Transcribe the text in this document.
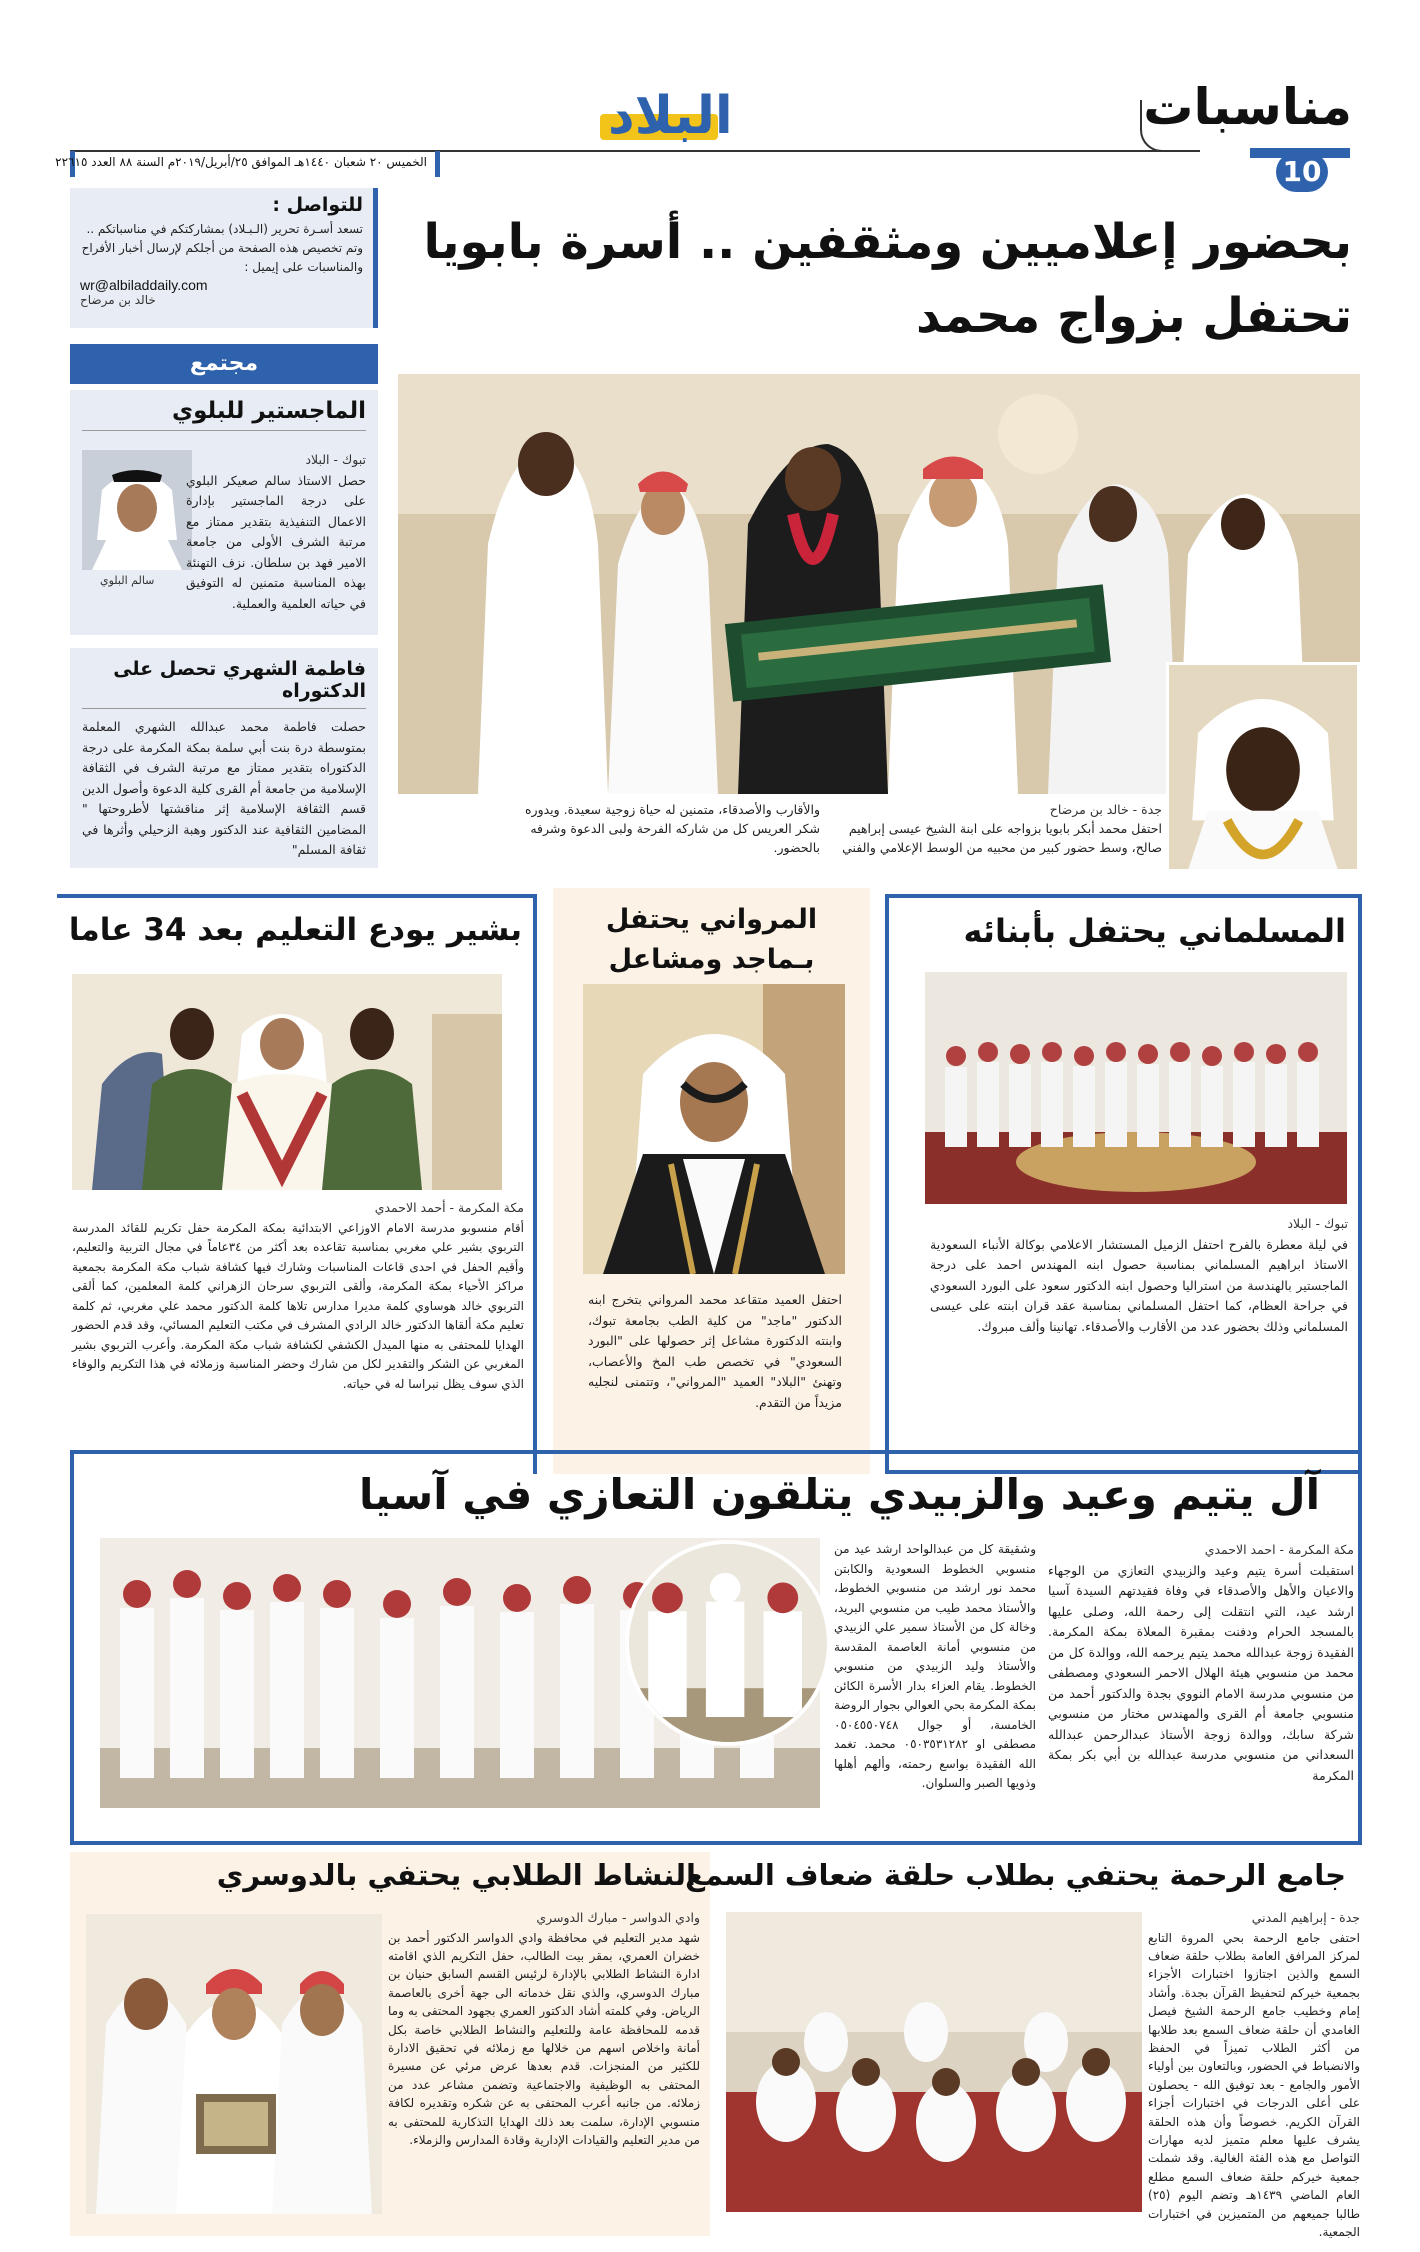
مناسبات
10
البلاد
الخميس ٢٠ شعبان ١٤٤٠هـ الموافق ٢٥/أبريل/٢٠١٩م السنة ٨٨ العدد ٢٢٦١٥
للتواصل :
تسعد أسـرة تحرير (الـبـلاد) بمشاركتكم في مناسباتكم .. وتم تخصيص هذه الصفحة من أجلكم لإرسال أخبار الأفراح والمناسبات على إيميل :
wr@albiladdaily.com
خالد بن مرضاح
مجتمع
الماجستير للبلوي
سالم البلوي
تبوك - البلاد
حصل الاستاذ سالم صعيكر البلوي على درجة الماجستير بإدارة الاعمال التنفيذية بتقدير ممتاز مع مرتبة الشرف الأولى من جامعة الامير فهد بن سلطان. نزف التهنئة بهذه المناسبة متمنين له التوفيق في حياته العلمية والعملية.
فاطمة الشهري تحصل على الدكتوراه
حصلت فاطمة محمد عبدالله الشهري المعلمة بمتوسطة درة بنت أبي سلمة بمكة المكرمة على درجة الدكتوراه بتقدير ممتاز مع مرتبة الشرف في الثقافة الإسلامية من جامعة أم القرى كلية الدعوة وأصول الدين قسم الثقافة الإسلامية إثر مناقشتها لأطروحتها " المضامين الثقافية عند الدكتور وهبة الزحيلي وأثرها في ثقافة المسلم"
بحضور إعلاميين ومثقفين .. أسرة بابويا
تحتفل بزواج محمد
جدة - خالد بن مرضاح
احتفل محمد أبكر بابويا بزواجه على ابنة الشيخ عيسى إبراهيم صالح، وسط حضور كبير من محبيه من الوسط الإعلامي والفني
والأقارب والأصدقاء، متمنين له حياة زوجية سعيدة. ويدوره شكر العريس كل من شاركه الفرحة ولبى الدعوة وشرفه بالحضور.
المسلماني يحتفل بأبنائه
تبوك - البلاد
في ليلة معطرة بالفرح احتفل الزميل المستشار الاعلامي بوكالة الأنباء السعودية الاستاذ ابراهيم المسلماني بمناسبة حصول ابنه المهندس احمد على درجة الماجستير بالهندسة من استراليا وحصول ابنه الدكتور سعود على البورد السعودي في جراحة العظام، كما احتفل المسلماني بمناسبة عقد قران ابنته على عيسى المسلماني وذلك بحضور عدد من الأقارب والأصدقاء. تهانينا وألف مبروك.
المرواني يحتفل
بـماجد ومشاعل
احتفل العميد متقاعد محمد المرواني بتخرج ابنه الدكتور "ماجد" من كلية الطب بجامعة تبوك، وابنته الدكتورة مشاعل إثر حصولها على "البورد السعودي" في تخصص طب المخ والأعصاب، وتهنئ "البلاد" العميد "المرواني"، وتتمنى لنجليه مزيداً من التقدم.
بشير يودع التعليم بعد 34 عاما
مكة المكرمة - أحمد الاحمدي
أقام منسوبو مدرسة الامام الاوزاعي الابتدائية بمكة المكرمة حفل تكريم للقائد المدرسة التربوي بشير علي مغربي بمناسبة تقاعده بعد أكثر من ٣٤عاماً في مجال التربية والتعليم، وأقيم الحفل في احدى قاعات المناسبات وشارك فيها كشافة شباب مكة المكرمة بجمعية مراكز الأحياء بمكة المكرمة، وألقى التربوي سرحان الزهراني كلمة المعلمين، كما ألقى التربوي خالد هوساوي كلمة مديرا مدارس تلاها كلمة الدكتور محمد علي مغربي، ثم كلمة تعليم مكة ألقاها الدكتور خالد الرادي المشرف في مكتب التعليم المسائي، وقد قدم الحضور الهدايا للمحتفى به منها الميدل الكشفي لكشافة شباب مكة المكرمة. وأعرب التربوي بشير المغربي عن الشكر والتقدير لكل من شارك وحضر المناسبة وزملائه في هذا التكريم والوفاء الذي سوف يظل نبراسا له في حياته.
آل يتيم وعيد والزبيدي يتلقون التعازي في آسيا
مكة المكرمة - احمد الاحمدي
استقبلت أسرة يتيم وعيد والزبيدي التعازي من الوجهاء والاعيان والأهل والأصدقاء في وفاة فقيدتهم السيدة آسيا ارشد عيد، التي انتقلت إلى رحمة الله، وصلى عليها بالمسجد الحرام ودفنت بمقبرة المعلاة بمكة المكرمة. الفقيدة زوجة عبدالله محمد يتيم يرحمه الله، ووالدة كل من محمد من منسوبي هيئة الهلال الاحمر السعودي ومصطفى من منسوبي مدرسة الامام النووي بجدة والدكتور أحمد من منسوبي جامعة أم القرى والمهندس مختار من منسوبي شركة سابك، ووالدة زوجة الأستاذ عبدالرحمن عبدالله السعداني من منسوبي مدرسة عبدالله بن أبي بكر بمكة المكرمة
وشقيقة كل من عبدالواحد ارشد عيد من منسوبي الخطوط السعودية والكابتن محمد نور ارشد من منسوبي الخطوط، والأستاذ محمد طيب من منسوبي البريد، وخالة كل من الأستاذ سمير علي الزبيدي من منسوبي أمانة العاصمة المقدسة والأستاذ وليد الزبيدي من منسوبي الخطوط. يقام العزاء بدار الأسرة الكائن بمكة المكرمة بحي العوالي بجوار الروضة الخامسة، أو جوال ٠٥٠٤٥٥٠٧٤٨ مصطفى او ٠٥٠٣٥٣١٢٨٢ محمد. تغمد الله الفقيدة بواسع رحمته، وألهم أهلها وذويها الصبر والسلوان.
جامع الرحمة يحتفي بطلاب حلقة ضعاف السمع
جدة - إبراهيم المدني
احتفى جامع الرحمة بحي المروة التابع لمركز المرافق العامة بطلاب حلقة ضعاف السمع والذين اجتازوا اختبارات الأجزاء بجمعية خيركم لتحفيظ القرآن بجدة. وأشاد إمام وخطيب جامع الرحمة الشيخ فيصل الغامدي أن حلقة ضعاف السمع بعد طلابها من أكثر الطلاب تميزاً في الحفظ والانضباط في الحضور، وبالتعاون بين أولياء الأمور والجامع - بعد توفيق الله - يحصلون على أعلى الدرجات في اختبارات أجزاء القرآن الكريم. خصوصاً وأن هذه الحلقة يشرف عليها معلم متميز لديه مهارات التواصل مع هذه الفئة الغالية. وقد شملت جمعية خيركم حلقة ضعاف السمع مطلع العام الماضي ١٤٣٩هـ وتضم اليوم (٢٥) طالبا جميعهم من المتميزين في اختبارات الجمعية.
النشاط الطلابي يحتفي بالدوسري
وادي الدواسر - مبارك الدوسري
شهد مدير التعليم في محافظة وادي الدواسر الدكتور أحمد بن خضران العمري، بمقر بيت الطالب، حفل التكريم الذي اقامته ادارة النشاط الطلابي بالإدارة لرئيس القسم السابق حنيان بن مبارك الدوسري، والذي نقل خدماته الى جهة أخرى بالعاصمة الرياض. وفي كلمته أشاد الدكتور العمري بجهود المحتفى به وما قدمه للمحافظة عامة وللتعليم والنشاط الطلابي خاصة بكل أمانة واخلاص اسهم من خلالها مع زملائه في تحقيق الادارة للكثير من المنجزات. قدم بعدها عرض مرئي عن مسيرة المحتفى به الوظيفية والاجتماعية وتضمن مشاعر عدد من زملائه. من جانبه أعرب المحتفى به عن شكره وتقديره لكافة منسوبي الإدارة، سلمت بعد ذلك الهدايا التذكارية للمحتفى به من مدير التعليم والقيادات الإدارية وقادة المدارس والزملاء.
